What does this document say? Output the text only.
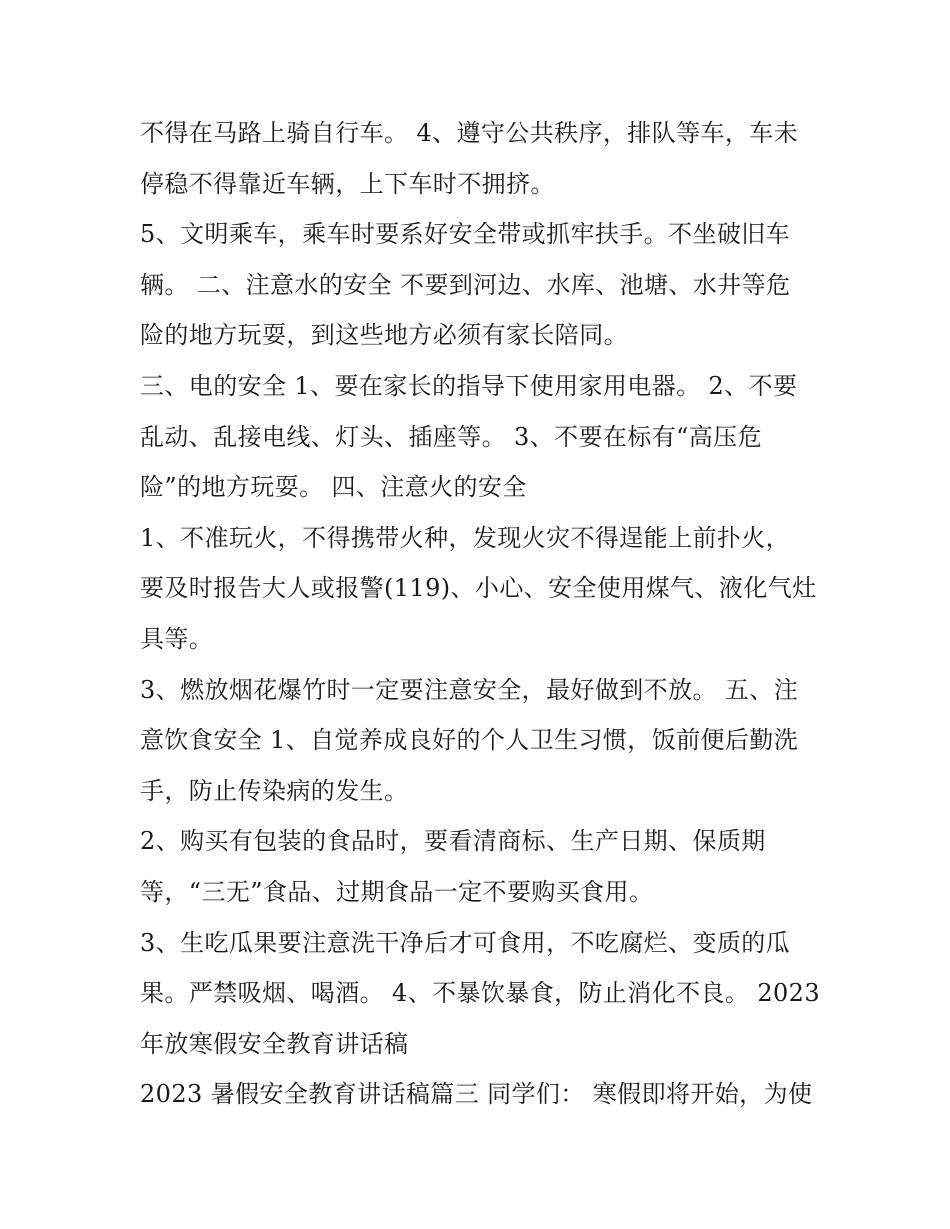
不得在马路上骑自行车。 4、遵守公共秩序，排队等车，车未
停稳不得靠近车辆，上下车时不拥挤。

5、文明乘车，乘车时要系好安全带或抓牢扶手。不坐破旧车
辆。 二、注意水的安全 不要到河边、水库、池塘、水井等危
险的地方玩耍，到这些地方必须有家长陪同。

三、电的安全 1、要在家长的指导下使用家用电器。 2、不要
乱动、乱接电线、灯头、插座等。 3、不要在标有“高压危
险”的地方玩耍。 四、注意火的安全

1、不准玩火，不得携带火种，发现火灾不得逞能上前扑火，
要及时报告大人或报警(119)、小心、安全使用煤气、液化气灶
具等。

3、燃放烟花爆竹时一定要注意安全，最好做到不放。 五、注
意饮食安全 1、自觉养成良好的个人卫生习惯，饭前便后勤洗
手，防止传染病的发生。

2、购买有包装的食品时，要看清商标、生产日期、保质期
等，“三无”食品、过期食品一定不要购买食用。

3、生吃瓜果要注意洗干净后才可食用，不吃腐烂、变质的瓜
果。严禁吸烟、喝酒。 4、不暴饮暴食，防止消化不良。 2023
年放寒假安全教育讲话稿

2023 暑假安全教育讲话稿篇三 同学们： 寒假即将开始，为使
